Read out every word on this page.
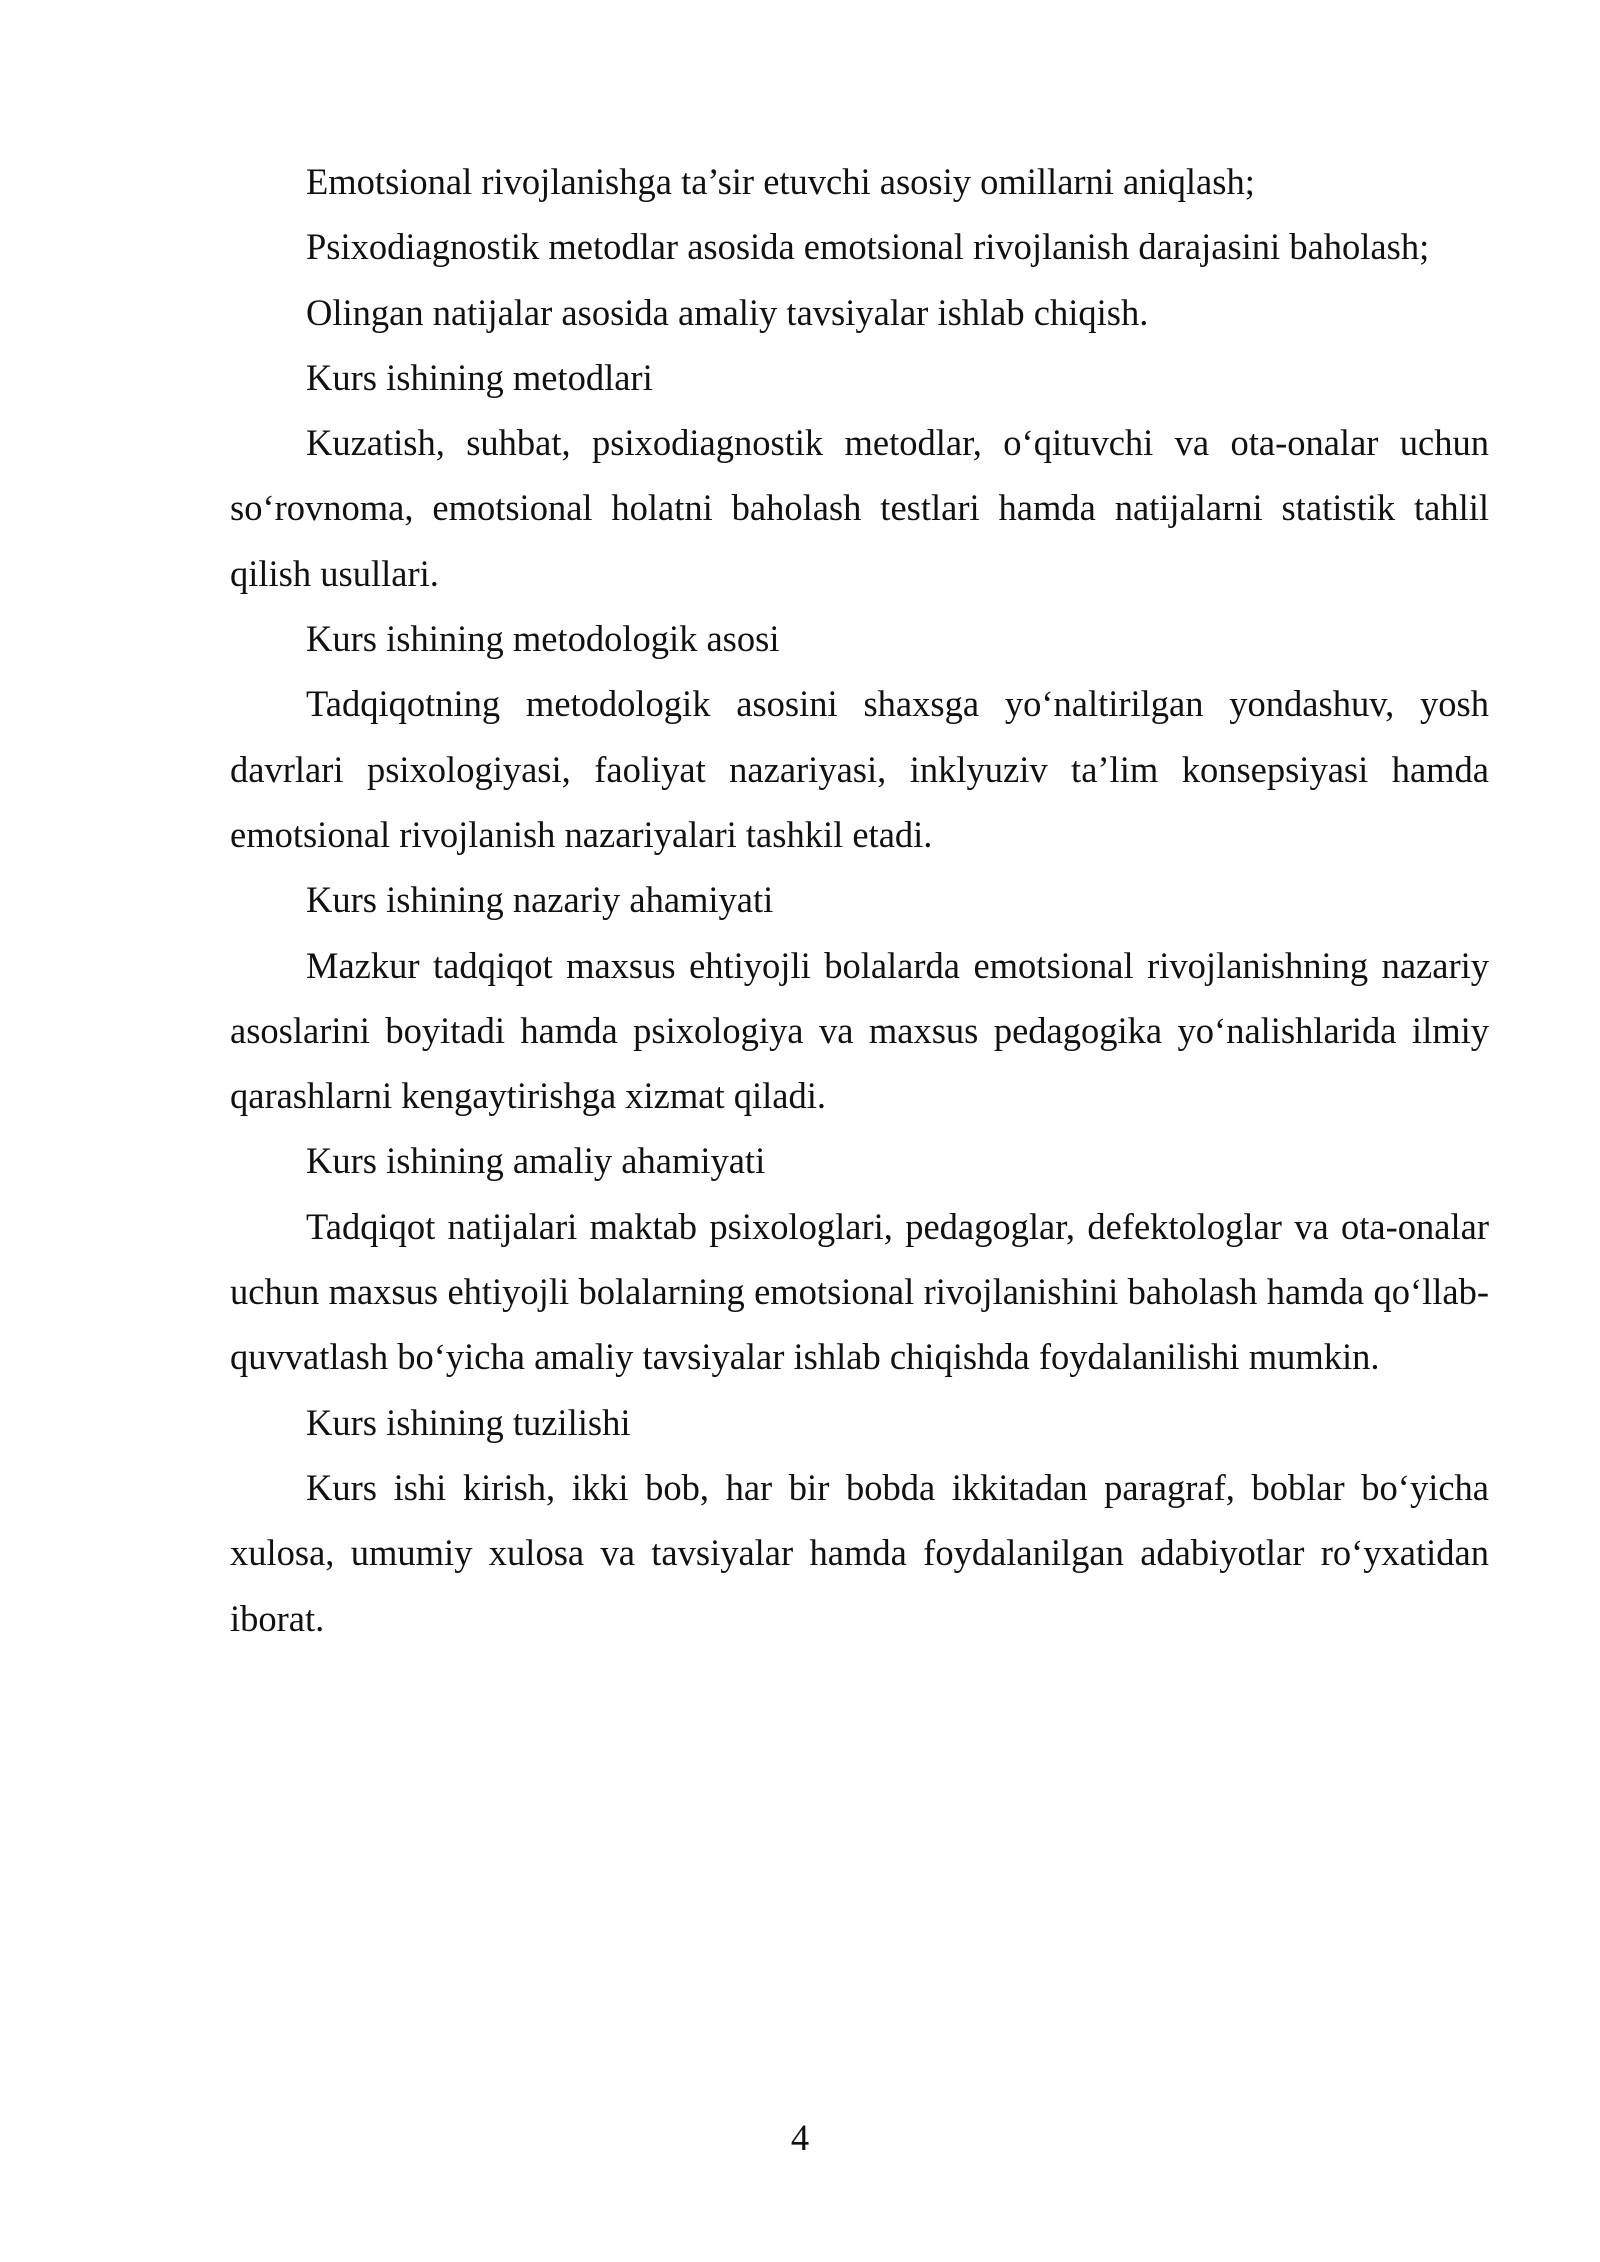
Emotsional rivojlanishga ta’sir etuvchi asosiy omillarni aniqlash;

Psixodiagnostik metodlar asosida emotsional rivojlanish darajasini baholash;

Olingan natijalar asosida amaliy tavsiyalar ishlab chiqish.

Kurs ishining metodlari

Kuzatish, suhbat, psixodiagnostik metodlar, o‘qituvchi va ota-onalar uchun so‘rovnoma, emotsional holatni baholash testlari hamda natijalarni statistik tahlil qilish usullari.

Kurs ishining metodologik asosi

Tadqiqotning metodologik asosini shaxsga yo‘naltirilgan yondashuv, yosh davrlari psixologiyasi, faoliyat nazariyasi, inklyuziv ta’lim konsepsiyasi hamda emotsional rivojlanish nazariyalari tashkil etadi.

Kurs ishining nazariy ahamiyati

Mazkur tadqiqot maxsus ehtiyojli bolalarda emotsional rivojlanishning nazariy asoslarini boyitadi hamda psixologiya va maxsus pedagogika yo‘nalishlarida ilmiy qarashlarni kengaytirishga xizmat qiladi.

Kurs ishining amaliy ahamiyati

Tadqiqot natijalari maktab psixologlari, pedagoglar, defektologlar va ota-onalar uchun maxsus ehtiyojli bolalarning emotsional rivojlanishini baholash hamda qo‘llab-quvvatlash bo‘yicha amaliy tavsiyalar ishlab chiqishda foydalanilishi mumkin.

Kurs ishining tuzilishi

Kurs ishi kirish, ikki bob, har bir bobda ikkitadan paragraf, boblar bo‘yicha xulosa, umumiy xulosa va tavsiyalar hamda foydalanilgan adabiyotlar ro‘yxatidan iborat.

4
